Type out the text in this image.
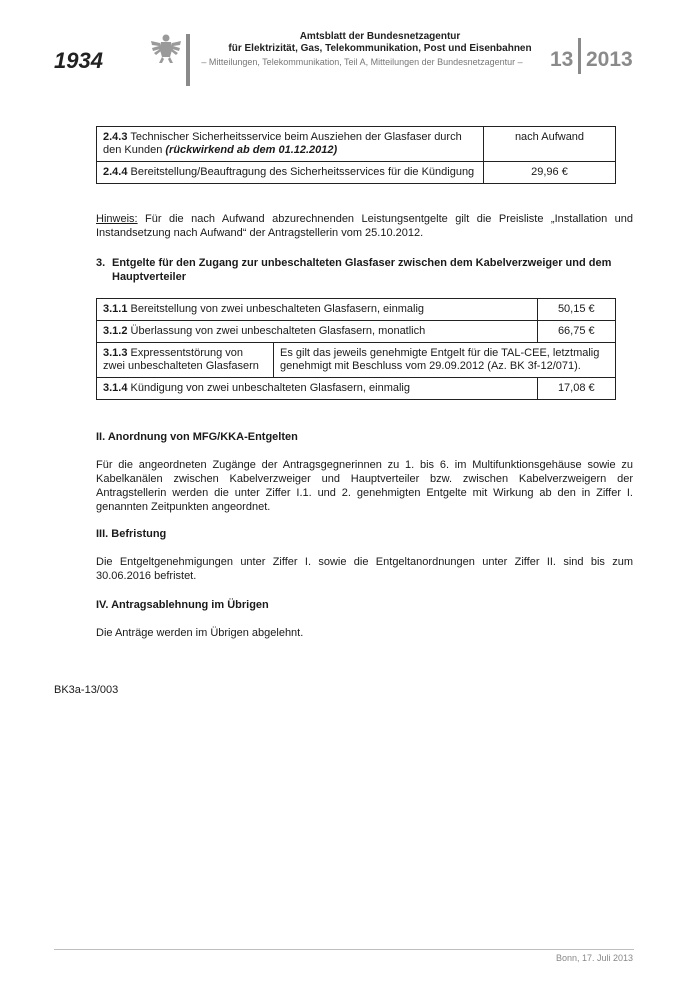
1934
Amtsblatt der Bundesnetzagentur
für Elektrizität, Gas, Telekommunikation, Post und Eisenbahnen
– Mitteilungen, Telekommunikation, Teil A, Mitteilungen der Bundesnetzagentur –	13 2013
2.4.3 Technischer Sicherheitsservice beim Ausziehen der Glasfaser durch den Kunden (rückwirkend ab dem 01.12.2012)	nach Aufwand
2.4.4 Bereitstellung/Beauftragung des Sicherheitsservices für die Kündigung	29,96 €
Hinweis: Für die nach Aufwand abzurechnenden Leistungsentgelte gilt die Preisliste „Installation und Instandsetzung nach Aufwand“ der Antragstellerin vom 25.10.2012.
3. Entgelte für den Zugang zur unbeschalteten Glasfaser zwischen dem Kabelverzweiger und dem Hauptverteiler
3.1.1 Bereitstellung von zwei unbeschalteten Glasfasern, einmalig		50,15 €
3.1.2 Überlassung von zwei unbeschalteten Glasfasern, monatlich		66,75 €
3.1.3 Expressentstörung von zwei unbeschalteten Glasfasern	Es gilt das jeweils genehmigte Entgelt für die TAL-CEE, letztmalig genehmigt mit Beschluss vom 29.09.2012 (Az. BK 3f-12/071).	
3.1.4 Kündigung von zwei unbeschalteten Glasfasern, einmalig		17,08 €
II. Anordnung von MFG/KKA-Entgelten
Für die angeordneten Zugänge der Antragsgegnerinnen zu 1. bis 6. im Multifunktionsgehäuse sowie zu Kabelkanälen zwischen Kabelverzweiger und Hauptverteiler bzw. zwischen Kabelverzweigern der Antragstellerin werden die unter Ziffer I.1. und 2. genehmigten Entgelte mit Wirkung ab den in Ziffer I. genannten Zeitpunkten angeordnet.
III. Befristung
Die Entgeltgenehmigungen unter Ziffer I. sowie die Entgeltanordnungen unter Ziffer II. sind bis zum 30.06.2016 befristet.
IV. Antragsablehnung im Übrigen
Die Anträge werden im Übrigen abgelehnt.
BK3a-13/003
Bonn, 17. Juli 2013
